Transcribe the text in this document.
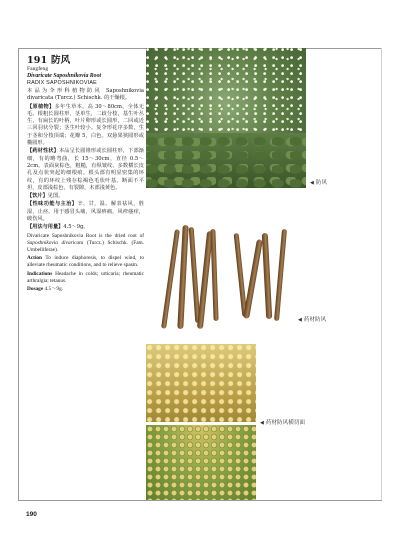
191 防风
Fangfeng
Divaricate Saposhnikovia Root
RADIX SAPOSHNIKOVIAE
本品为伞形科植物防风 Saposhnikovia divaricata (Turcz.) Schischk. 的干燥根。
【原植物】多年生草本，高 30～80cm。全体无毛。根粗长圆柱形，茎单生，二歧分枝，基生叶丛生，有扁长的叶柄，叶片卵形或长圆形，二回或近三回羽状分裂；茎生叶较小。复伞形花序多数，生于茎和分枝顶端；花瓣 5，白色。双悬果狭圆形或椭圆形。
【药材性状】本品呈长圆锥形或长圆柱形，下部渐细，有的略弯曲，长 15～30cm，直径 0.5～2cm。表面灰棕色，粗糙，有纵皱纹、多数横长皮孔及点状突起的细根痕。根头部有明显密集的环纹，有的环纹上残存棕褐色毛状叶基。断面不平坦，皮部浅棕色，有裂隙，木部浅黄色。
【饮片】见图。
【性味功能与主治】辛、甘，温。解表祛风，胜湿，止痉。用于感冒头痛，风湿痹痛，风疹瘙痒，破伤风。
【用法与用量】4.5～9g。
Divaricate Saposhnikovia Root is the dried root of Saposhnikovia divaricata (Turcz.) Schischk. (Fam. Umbelliferae).
Action To induce diaphoresis, to dispel wind, to alleviate rheumatic conditions, and to relieve spasm.
Indications Headache in colds; urticaria; rheumatic arthralgia; tetanus.
Dosage 4.5～9g.
◀ 防风
◀ 药材防风
◀ 药材防风横切面
190
